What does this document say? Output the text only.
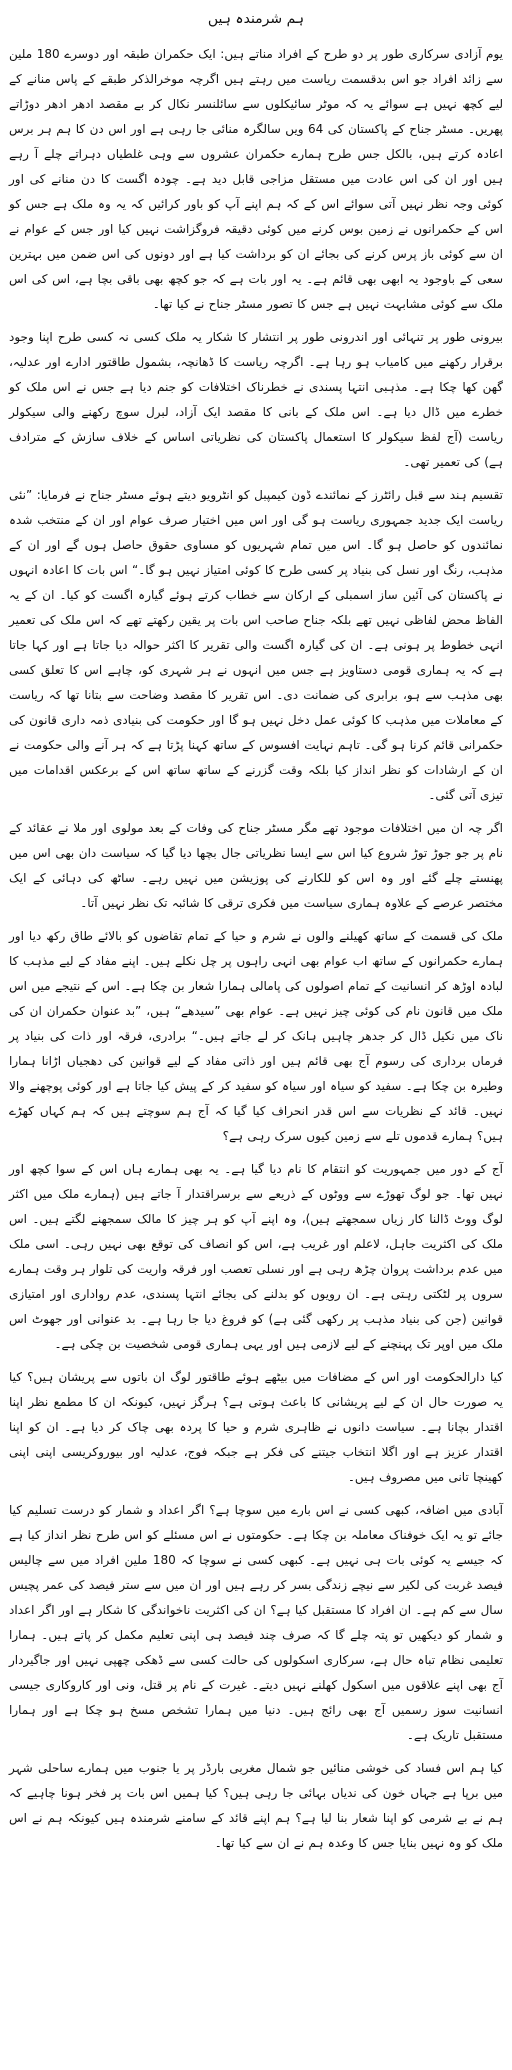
ہم شرمندہ ہیں

یوم آزادی سرکاری طور پر دو طرح کے افراد مناتے ہیں: ایک حکمران طبقہ اور دوسرے 180 ملین سے زائد افراد جو اس بدقسمت ریاست میں رہتے ہیں اگرچہ موخرالذکر طبقے کے پاس منانے کے لیے کچھ نہیں ہے سوائے یہ کہ موٹر سائیکلوں سے سائلنسر نکال کر بے مقصد ادھر ادھر دوڑاتے پھریں۔ مسٹر جناح کے پاکستان کی 64 ویں سالگرہ منائی جا رہی ہے اور اس دن کا ہم ہر برس اعادہ کرتے ہیں، بالکل جس طرح ہمارے حکمران عشروں سے وہی غلطیاں دہراتے چلے آ رہے ہیں اور ان کی اس عادت میں مستقل مزاجی قابل دید ہے۔ چودہ اگست کا دن منانے کی اور کوئی وجہ نظر نہیں آتی سوائے اس کے کہ ہم اپنے آپ کو باور کرائیں کہ یہ وہ ملک ہے جس کو اس کے حکمرانوں نے زمین بوس کرنے میں کوئی دقیقہ فروگزاشت نہیں کیا اور جس کے عوام نے ان سے کوئی باز پرس کرنے کی بجائے ان کو برداشت کیا ہے اور دونوں کی اس ضمن میں بہترین سعی کے باوجود یہ ابھی بھی قائم ہے۔ یہ اور بات ہے کہ جو کچھ بھی باقی بچا ہے، اس کی اس ملک سے کوئی مشابہت نہیں ہے جس کا تصور مسٹر جناح نے کیا تھا۔

بیرونی طور پر تنہائی اور اندرونی طور پر انتشار کا شکار یہ ملک کسی نہ کسی طرح اپنا وجود برقرار رکھنے میں کامیاب ہو رہا ہے۔ اگرچہ ریاست کا ڈھانچہ، بشمول طاقتور ادارے اور عدلیہ، گھن کھا چکا ہے۔ مذہبی انتہا پسندی نے خطرناک اختلافات کو جنم دیا ہے جس نے اس ملک کو خطرے میں ڈال دیا ہے۔ اس ملک کے بانی کا مقصد ایک آزاد، لبرل سوچ رکھنے والی سیکولر ریاست (آج لفظ سیکولر کا استعمال پاکستان کی نظریاتی اساس کے خلاف سازش کے مترادف ہے) کی تعمیر تھی۔

تقسیم ہند سے قبل رائٹرز کے نمائندے ڈون کیمپبل کو انٹرویو دیتے ہوئے مسٹر جناح نے فرمایا: ”نئی ریاست ایک جدید جمہوری ریاست ہو گی اور اس میں اختیار صرف عوام اور ان کے منتخب شدہ نمائندوں کو حاصل ہو گا۔ اس میں تمام شہریوں کو مساوی حقوق حاصل ہوں گے اور ان کے مذہب، رنگ اور نسل کی بنیاد پر کسی طرح کا کوئی امتیاز نہیں ہو گا۔“ اس بات کا اعادہ انہوں نے پاکستان کی آئین ساز اسمبلی کے ارکان سے خطاب کرتے ہوئے گیارہ اگست کو کیا۔ ان کے یہ الفاظ محض لفاظی نہیں تھے بلکہ جناح صاحب اس بات پر یقین رکھتے تھے کہ اس ملک کی تعمیر انہی خطوط پر ہونی ہے۔ ان کی گیارہ اگست والی تقریر کا اکثر حوالہ دیا جاتا ہے اور کہا جاتا ہے کہ یہ ہماری قومی دستاویز ہے جس میں انہوں نے ہر شہری کو، چاہے اس کا تعلق کسی بھی مذہب سے ہو، برابری کی ضمانت دی۔ اس تقریر کا مقصد وضاحت سے بتانا تھا کہ ریاست کے معاملات میں مذہب کا کوئی عمل دخل نہیں ہو گا اور حکومت کی بنیادی ذمہ داری قانون کی حکمرانی قائم کرنا ہو گی۔ تاہم نہایت افسوس کے ساتھ کہنا پڑتا ہے کہ ہر آنے والی حکومت نے ان کے ارشادات کو نظر انداز کیا بلکہ وقت گزرنے کے ساتھ ساتھ اس کے برعکس اقدامات میں تیزی آتی گئی۔

اگر چہ ان میں اختلافات موجود تھے مگر مسٹر جناح کی وفات کے بعد مولوی اور ملا نے عقائد کے نام پر جو جوڑ توڑ شروع کیا اس سے ایسا نظریاتی جال بچھا دیا گیا کہ سیاست دان بھی اس میں پھنستے چلے گئے اور وہ اس کو للکارنے کی پوزیشن میں نہیں رہے۔ ساٹھ کی دہائی کے ایک مختصر عرصے کے علاوہ ہماری سیاست میں فکری ترقی کا شائبہ تک نظر نہیں آتا۔

ملک کی قسمت کے ساتھ کھیلنے والوں نے شرم و حیا کے تمام تقاضوں کو بالائے طاق رکھ دیا اور ہمارے حکمرانوں کے ساتھ اب عوام بھی انہی راہوں پر چل نکلے ہیں۔ اپنے مفاد کے لیے مذہب کا لبادہ اوڑھ کر انسانیت کے تمام اصولوں کی پامالی ہمارا شعار بن چکا ہے۔ اس کے نتیجے میں اس ملک میں قانون نام کی کوئی چیز نہیں ہے۔ عوام بھی ”سیدھے“ ہیں، ”بد عنوان حکمران ان کی ناک میں نکیل ڈال کر جدھر چاہیں ہانک کر لے جاتے ہیں۔“ برادری، فرقہ اور ذات کی بنیاد پر فرماں برداری کی رسوم آج بھی قائم ہیں اور ذاتی مفاد کے لیے قوانین کی دھجیاں اڑانا ہمارا وطیرہ بن چکا ہے۔ سفید کو سیاہ اور سیاہ کو سفید کر کے پیش کیا جاتا ہے اور کوئی پوچھنے والا نہیں۔ قائد کے نظریات سے اس قدر انحراف کیا گیا کہ آج ہم سوچتے ہیں کہ ہم کہاں کھڑے ہیں؟ ہمارے قدموں تلے سے زمین کیوں سرک رہی ہے؟

آج کے دور میں جمہوریت کو انتقام کا نام دیا گیا ہے۔ یہ بھی ہمارے ہاں اس کے سوا کچھ اور نہیں تھا۔ جو لوگ تھوڑے سے ووٹوں کے ذریعے سے برسراقتدار آ جاتے ہیں (ہمارے ملک میں اکثر لوگ ووٹ ڈالنا کار زیاں سمجھتے ہیں)، وہ اپنے آپ کو ہر چیز کا مالک سمجھنے لگتے ہیں۔ اس ملک کی اکثریت جاہل، لاعلم اور غریب ہے، اس کو انصاف کی توقع بھی نہیں رہی۔ اسی ملک میں عدم برداشت پروان چڑھ رہی ہے اور نسلی تعصب اور فرقہ واریت کی تلوار ہر وقت ہمارے سروں پر لٹکتی رہتی ہے۔ ان رویوں کو بدلنے کی بجائے انتہا پسندی، عدم رواداری اور امتیازی قوانین (جن کی بنیاد مذہب پر رکھی گئی ہے) کو فروغ دیا جا رہا ہے۔ بد عنوانی اور جھوٹ اس ملک میں اوپر تک پہنچنے کے لیے لازمی ہیں اور یہی ہماری قومی شخصیت بن چکی ہے۔

کیا دارالحکومت اور اس کے مضافات میں بیٹھے ہوئے طاقتور لوگ ان باتوں سے پریشان ہیں؟ کیا یہ صورت حال ان کے لیے پریشانی کا باعث ہوتی ہے؟ ہرگز نہیں، کیونکہ ان کا مطمع نظر اپنا اقتدار بچانا ہے۔ سیاست دانوں نے ظاہری شرم و حیا کا پردہ بھی چاک کر دیا ہے۔ ان کو اپنا اقتدار عزیز ہے اور اگلا انتخاب جیتنے کی فکر ہے جبکہ فوج، عدلیہ اور بیوروکریسی اپنی اپنی کھینچا تانی میں مصروف ہیں۔

آبادی میں اضافہ، کبھی کسی نے اس بارے میں سوچا ہے؟ اگر اعداد و شمار کو درست تسلیم کیا جائے تو یہ ایک خوفناک معاملہ بن چکا ہے۔ حکومتوں نے اس مسئلے کو اس طرح نظر انداز کیا ہے کہ جیسے یہ کوئی بات ہی نہیں ہے۔ کبھی کسی نے سوچا کہ 180 ملین افراد میں سے چالیس فیصد غربت کی لکیر سے نیچے زندگی بسر کر رہے ہیں اور ان میں سے ستر فیصد کی عمر پچیس سال سے کم ہے۔ ان افراد کا مستقبل کیا ہے؟ ان کی اکثریت ناخواندگی کا شکار ہے اور اگر اعداد و شمار کو دیکھیں تو پتہ چلے گا کہ صرف چند فیصد ہی اپنی تعلیم مکمل کر پاتے ہیں۔ ہمارا تعلیمی نظام تباہ حال ہے، سرکاری اسکولوں کی حالت کسی سے ڈھکی چھپی نہیں اور جاگیردار آج بھی اپنے علاقوں میں اسکول کھلنے نہیں دیتے۔ غیرت کے نام پر قتل، ونی اور کاروکاری جیسی انسانیت سوز رسمیں آج بھی رائج ہیں۔ دنیا میں ہمارا تشخص مسخ ہو چکا ہے اور ہمارا مستقبل تاریک ہے۔

کیا ہم اس فساد کی خوشی منائیں جو شمال مغربی بارڈر پر یا جنوب میں ہمارے ساحلی شہر میں برپا ہے جہاں خون کی ندیاں بہائی جا رہی ہیں؟ کیا ہمیں اس بات پر فخر ہونا چاہیے کہ ہم نے بے شرمی کو اپنا شعار بنا لیا ہے؟ ہم اپنے قائد کے سامنے شرمندہ ہیں کیونکہ ہم نے اس ملک کو وہ نہیں بنایا جس کا وعدہ ہم نے ان سے کیا تھا۔
